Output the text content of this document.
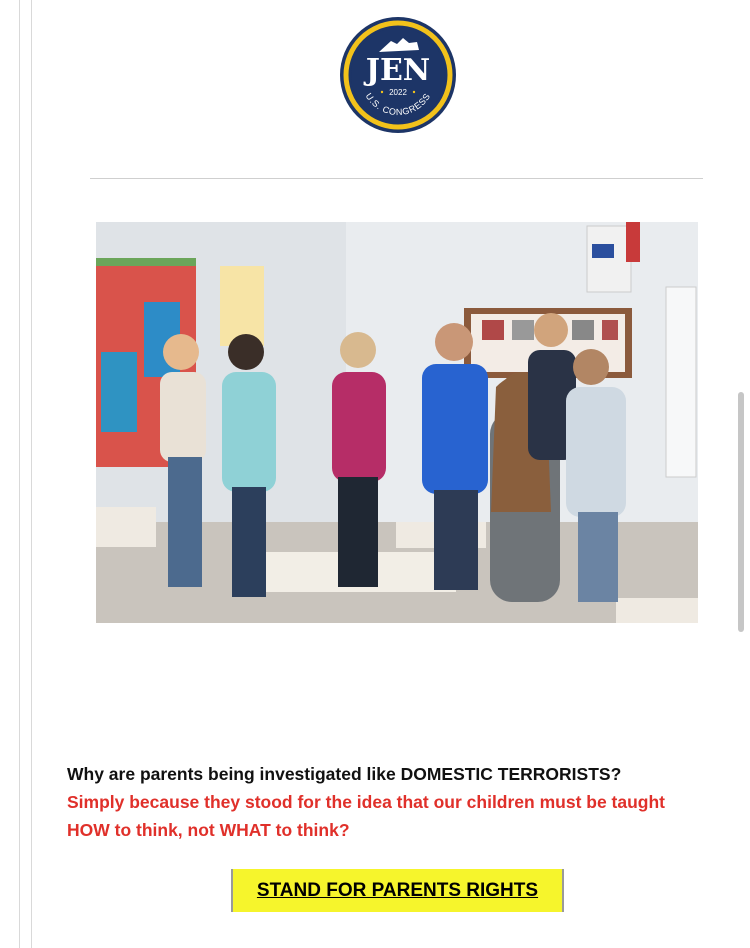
JEN
2022
U.S. CONGRESS
Why are parents being investigated like DOMESTIC TERRORISTS?
Simply because they stood for the idea that our children must be taught
HOW to think, not WHAT to think?
STAND FOR PARENTS RIGHTS
